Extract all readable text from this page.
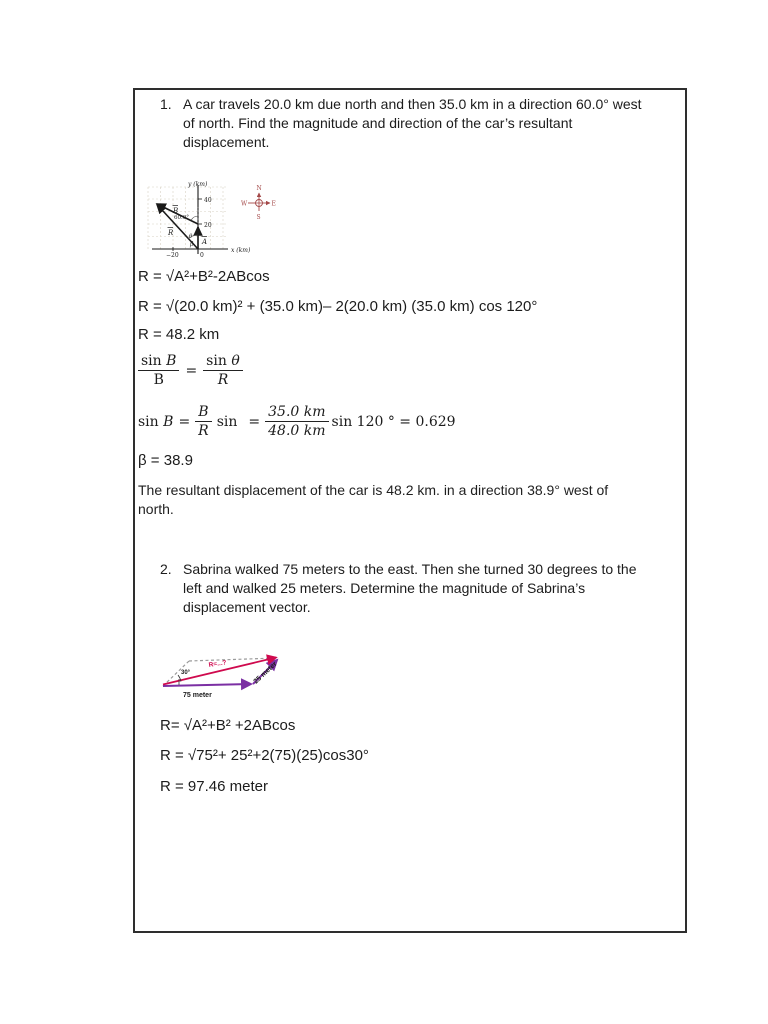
1. A car travels 20.0 km due north and then 35.0 km in a direction 60.0° west
of north. Find the magnitude and direction of the car’s resultant
displacement.
y (km)
x (km)
40
20
0
−20
B
R
A
60.0°
θ
β
N
S
W	E
R = √A²+B²-2ABcos
R = √(20.0 km)² + (35.0 km)– 2(20.0 km) (35.0 km) cos 120°
R = 48.2 km
$\frac{\text{sin B}}{B} = \frac{\text{sin θ}}{R}$
$\sin B = \frac{B}{R}$ $\sin = \frac{35.0 km}{48.0 km}$ sin 120 ° = 0.629
β = 38.9
The resultant displacement of the car is 48.2 km. in a direction 38.9° west of
north.
2. Sabrina walked 75 meters to the east. Then she turned 30 degrees to the
left and walked 25 meters. Determine the magnitude of Sabrina’s
displacement vector.
30°
R=...?
75 meter
25 meter
R= √A²+B² +2ABcos
R = √75²+ 25²+2(75)(25)cos30°
R = 97.46 meter
